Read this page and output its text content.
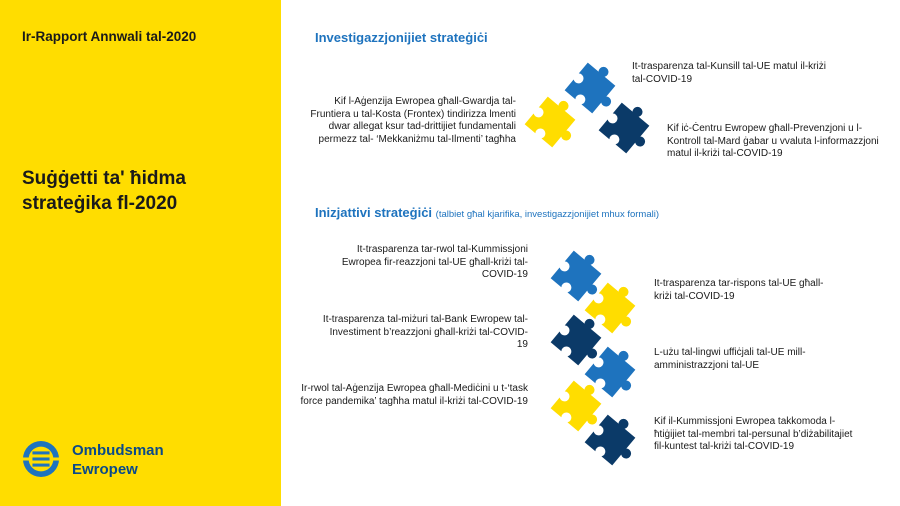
Ir-Rapport Annwali tal-2020
Suġġetti ta' ħidma strateġika fl-2020
Ombudsman
Ewropew
Investigazzjonijiet strateġiċi
It-trasparenza tal-Kunsill tal-UE matul il-kriżi tal-COVID-19
Kif l-Aġenzija Ewropea għall-Gwardja tal-Fruntiera u tal-Kosta (Frontex) tindirizza lmenti dwar allegat ksur tad-drittijiet fundamentali permezz tal- ‘Mekkaniżmu tal-Ilmenti’ tagħha
Kif iċ-Ċentru Ewropew għall-Prevenzjoni u l-Kontroll tal-Mard ġabar u vvaluta l-informazzjoni matul il-kriżi tal-COVID-19
Inizjattivi strateġiċi (talbiet għal kjarifika, investigazzjonijiet mhux formali)
It-trasparenza tar-rwol tal-Kummissjoni Ewropea fir-reazzjoni tal-UE għall-kriżi tal-COVID-19
It-trasparenza tar-rispons tal-UE għall-kriżi tal-COVID-19
It-trasparenza tal-miżuri tal-Bank Ewropew tal-Investiment b’reazzjoni għall-kriżi tal-COVID-19
L-użu tal-lingwi uffiċjali tal-UE mill-amministrazzjoni tal-UE
Ir-rwol tal-Aġenzija Ewropea għall-Mediċini u t-‘task force pandemika’ tagħha matul il-kriżi tal-COVID-19
Kif il-Kummissjoni Ewropea takkomoda l-ħtiġijiet tal-membri tal-persunal b’diżabilitajiet fil-kuntest tal-kriżi tal-COVID-19
